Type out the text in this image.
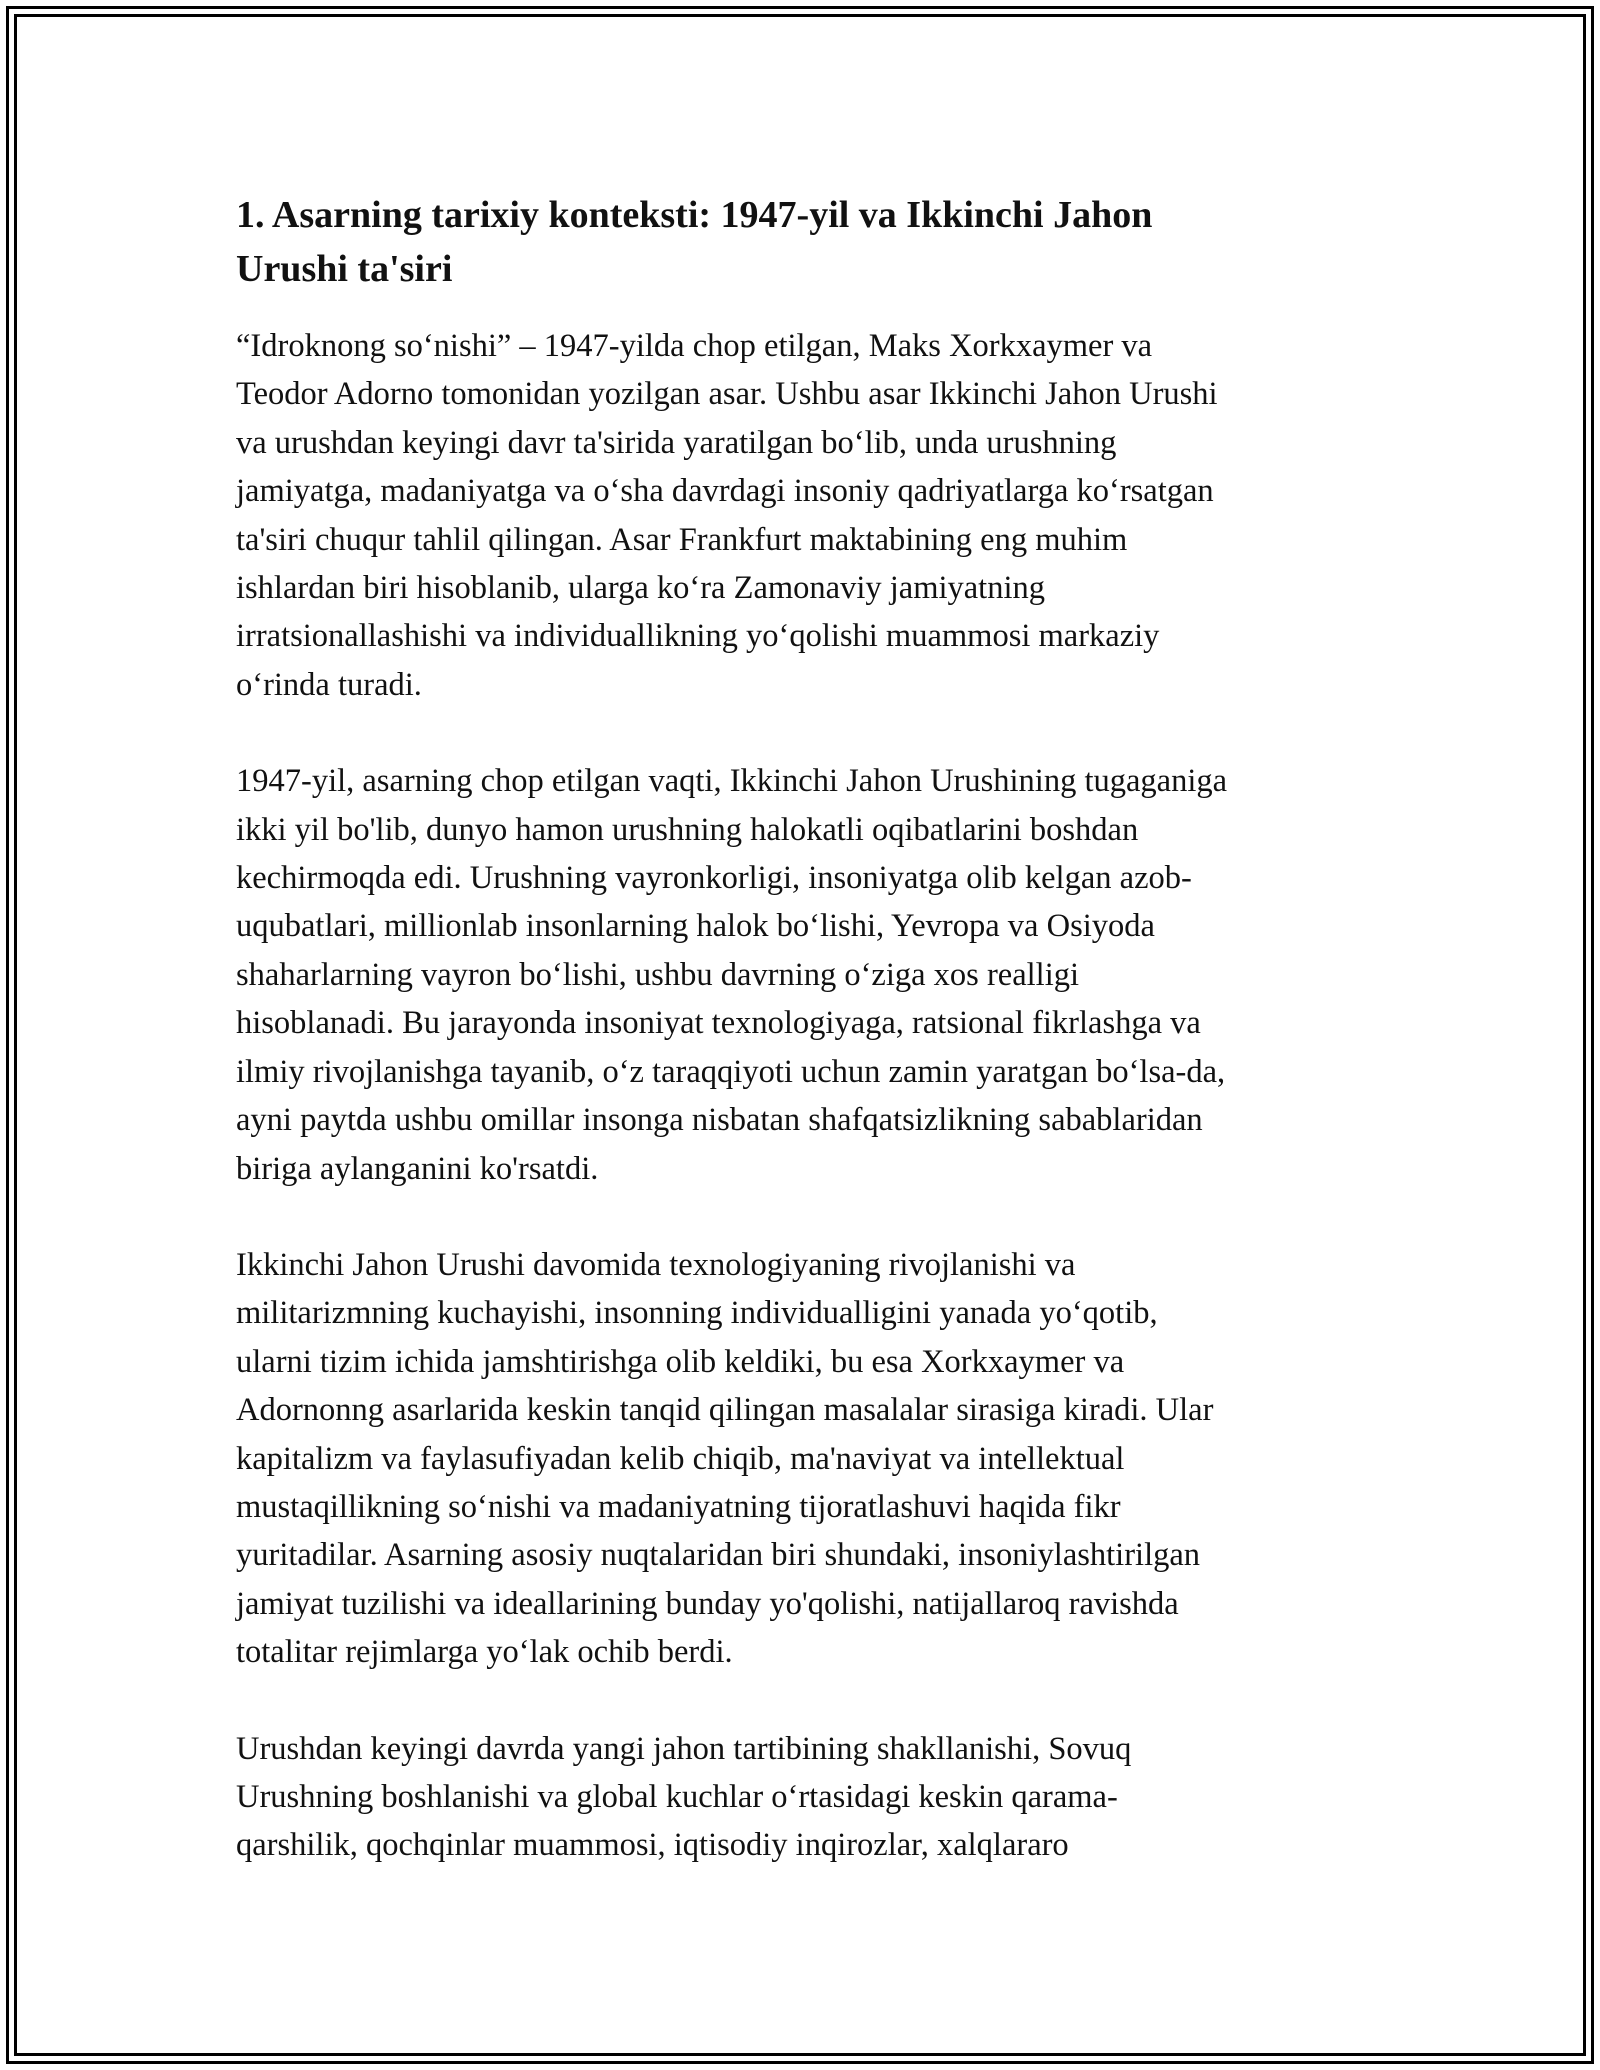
1. Asarning tarixiy konteksti: 1947-yil va Ikkinchi Jahon
Urushi ta'siri
“Idroknong so‘nishi” – 1947-yilda chop etilgan, Maks Xorkxaymer va
Teodor Adorno tomonidan yozilgan asar. Ushbu asar Ikkinchi Jahon Urushi
va urushdan keyingi davr ta'sirida yaratilgan bo‘lib, unda urushning
jamiyatga, madaniyatga va o‘sha davrdagi insoniy qadriyatlarga ko‘rsatgan
ta'siri chuqur tahlil qilingan. Asar Frankfurt maktabining eng muhim
ishlardan biri hisoblanib, ularga ko‘ra Zamonaviy jamiyatning
irratsionallashishi va individuallikning yo‘qolishi muammosi markaziy
o‘rinda turadi.
1947-yil, asarning chop etilgan vaqti, Ikkinchi Jahon Urushining tugaganiga
ikki yil bo'lib, dunyo hamon urushning halokatli oqibatlarini boshdan
kechirmoqda edi. Urushning vayronkorligi, insoniyatga olib kelgan azob-
uqubatlari, millionlab insonlarning halok bo‘lishi, Yevropa va Osiyoda
shaharlarning vayron bo‘lishi, ushbu davrning o‘ziga xos realligi
hisoblanadi. Bu jarayonda insoniyat texnologiyaga, ratsional fikrlashga va
ilmiy rivojlanishga tayanib, o‘z taraqqiyoti uchun zamin yaratgan bo‘lsa-da,
ayni paytda ushbu omillar insonga nisbatan shafqatsizlikning sabablaridan
biriga aylanganini ko'rsatdi.
Ikkinchi Jahon Urushi davomida texnologiyaning rivojlanishi va
militarizmning kuchayishi, insonning individualligini yanada yo‘qotib,
ularni tizim ichida jamshtirishga olib keldiki, bu esa Xorkxaymer va
Adornonng asarlarida keskin tanqid qilingan masalalar sirasiga kiradi. Ular
kapitalizm va faylasufiyadan kelib chiqib, ma'naviyat va intellektual
mustaqillikning so‘nishi va madaniyatning tijoratlashuvi haqida fikr
yuritadilar. Asarning asosiy nuqtalaridan biri shundaki, insoniylashtirilgan
jamiyat tuzilishi va ideallarining bunday yo'qolishi, natijallaroq ravishda
totalitar rejimlarga yo‘lak ochib berdi.
Urushdan keyingi davrda yangi jahon tartibining shakllanishi, Sovuq
Urushning boshlanishi va global kuchlar o‘rtasidagi keskin qarama-
qarshilik, qochqinlar muammosi, iqtisodiy inqirozlar, xalqlararo
